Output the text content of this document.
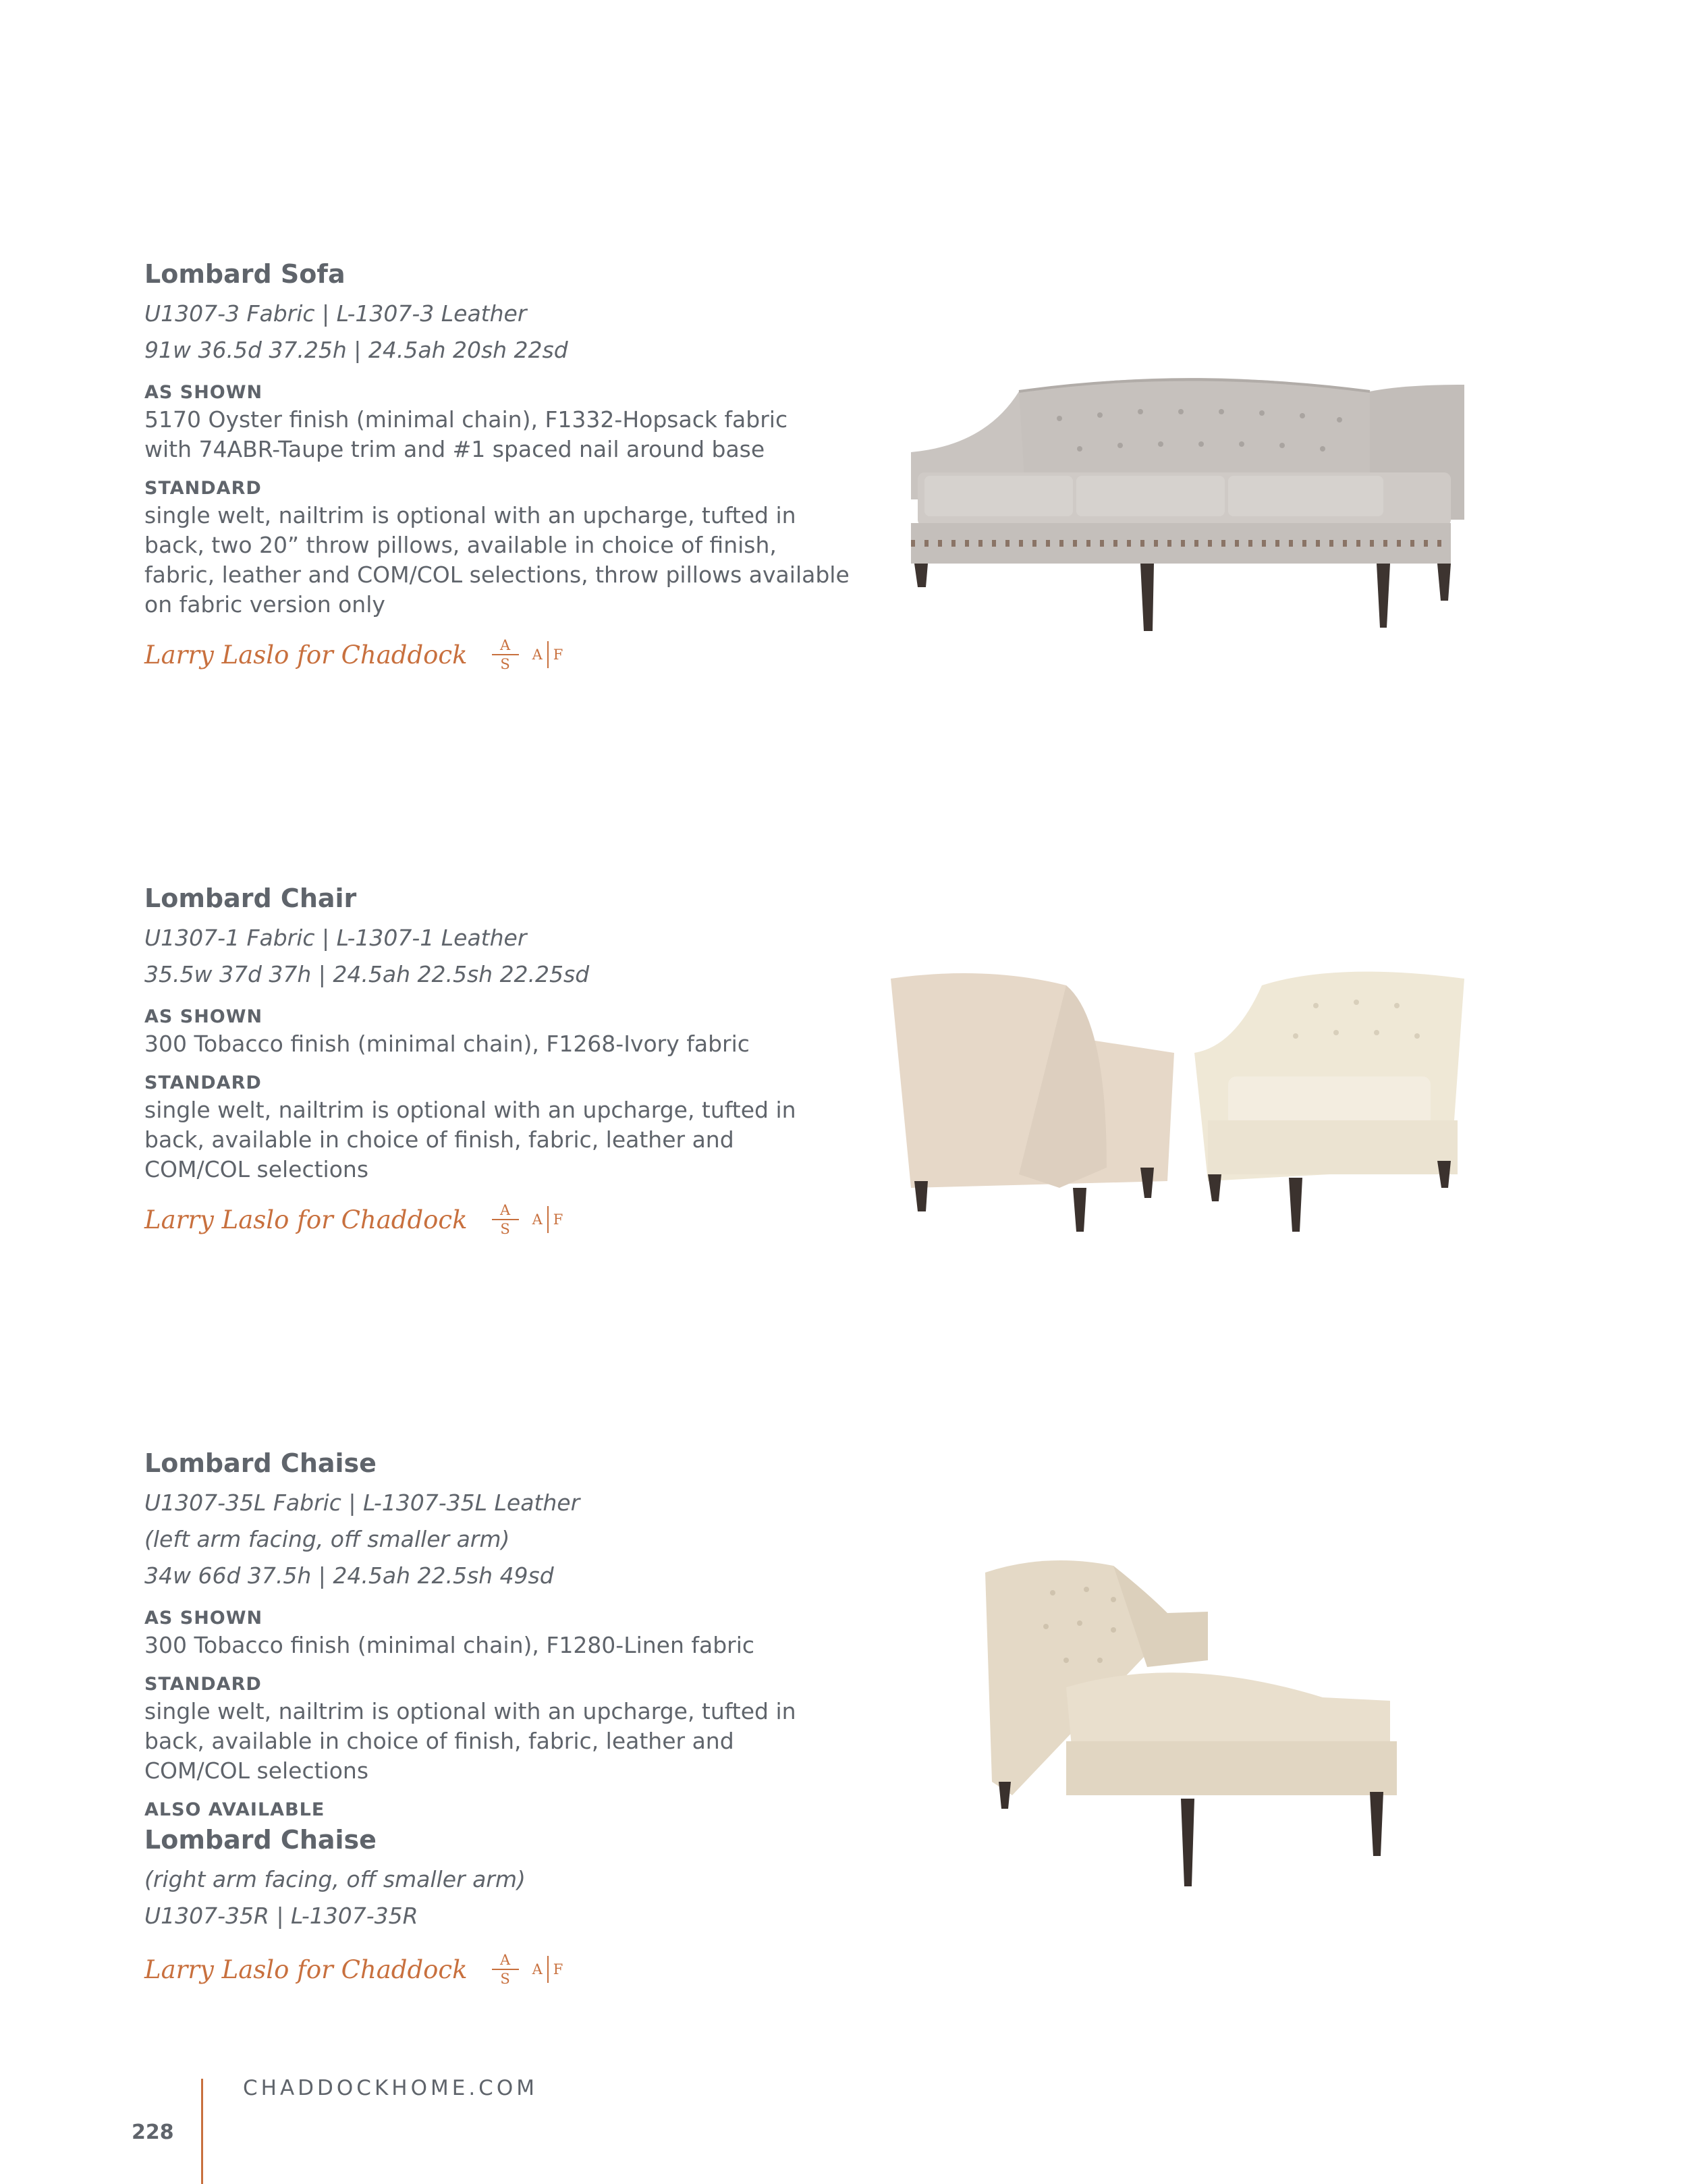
Lombard Sofa
U1307-3 Fabric | L-1307-3 Leather
91w 36.5d 37.25h | 24.5ah 20sh 22sd
AS SHOWN
5170 Oyster finish (minimal chain), F1332-Hopsack fabric with 74ABR-Taupe trim and #1 spaced nail around base
STANDARD
single welt, nailtrim is optional with an upcharge, tufted in back, two 20” throw pillows, available in choice of finish, fabric, leather and COM/COL selections, throw pillows available on fabric version only
Larry Laslo for Chaddock $\frac{A}{S}$ A F
Lombard Chair
U1307-1 Fabric | L-1307-1 Leather
35.5w 37d 37h | 24.5ah 22.5sh 22.25sd
AS SHOWN
300 Tobacco finish (minimal chain), F1268-Ivory fabric
STANDARD
single welt, nailtrim is optional with an upcharge, tufted in back, available in choice of finish, fabric, leather and COM/COL selections
Larry Laslo for Chaddock $\frac{A}{S}$ A F
Lombard Chaise
U1307-35L Fabric | L-1307-35L Leather
(left arm facing, off smaller arm)
34w 66d 37.5h | 24.5ah 22.5sh 49sd
AS SHOWN
300 Tobacco finish (minimal chain), F1280-Linen fabric
STANDARD
single welt, nailtrim is optional with an upcharge, tufted in back, available in choice of finish, fabric, leather and COM/COL selections
ALSO AVAILABLE
Lombard Chaise
(right arm facing, off smaller arm)
U1307-35R | L-1307-35R
Larry Laslo for Chaddock $\frac{A}{S}$ A F
CHADDOCKHOME.COM
228
